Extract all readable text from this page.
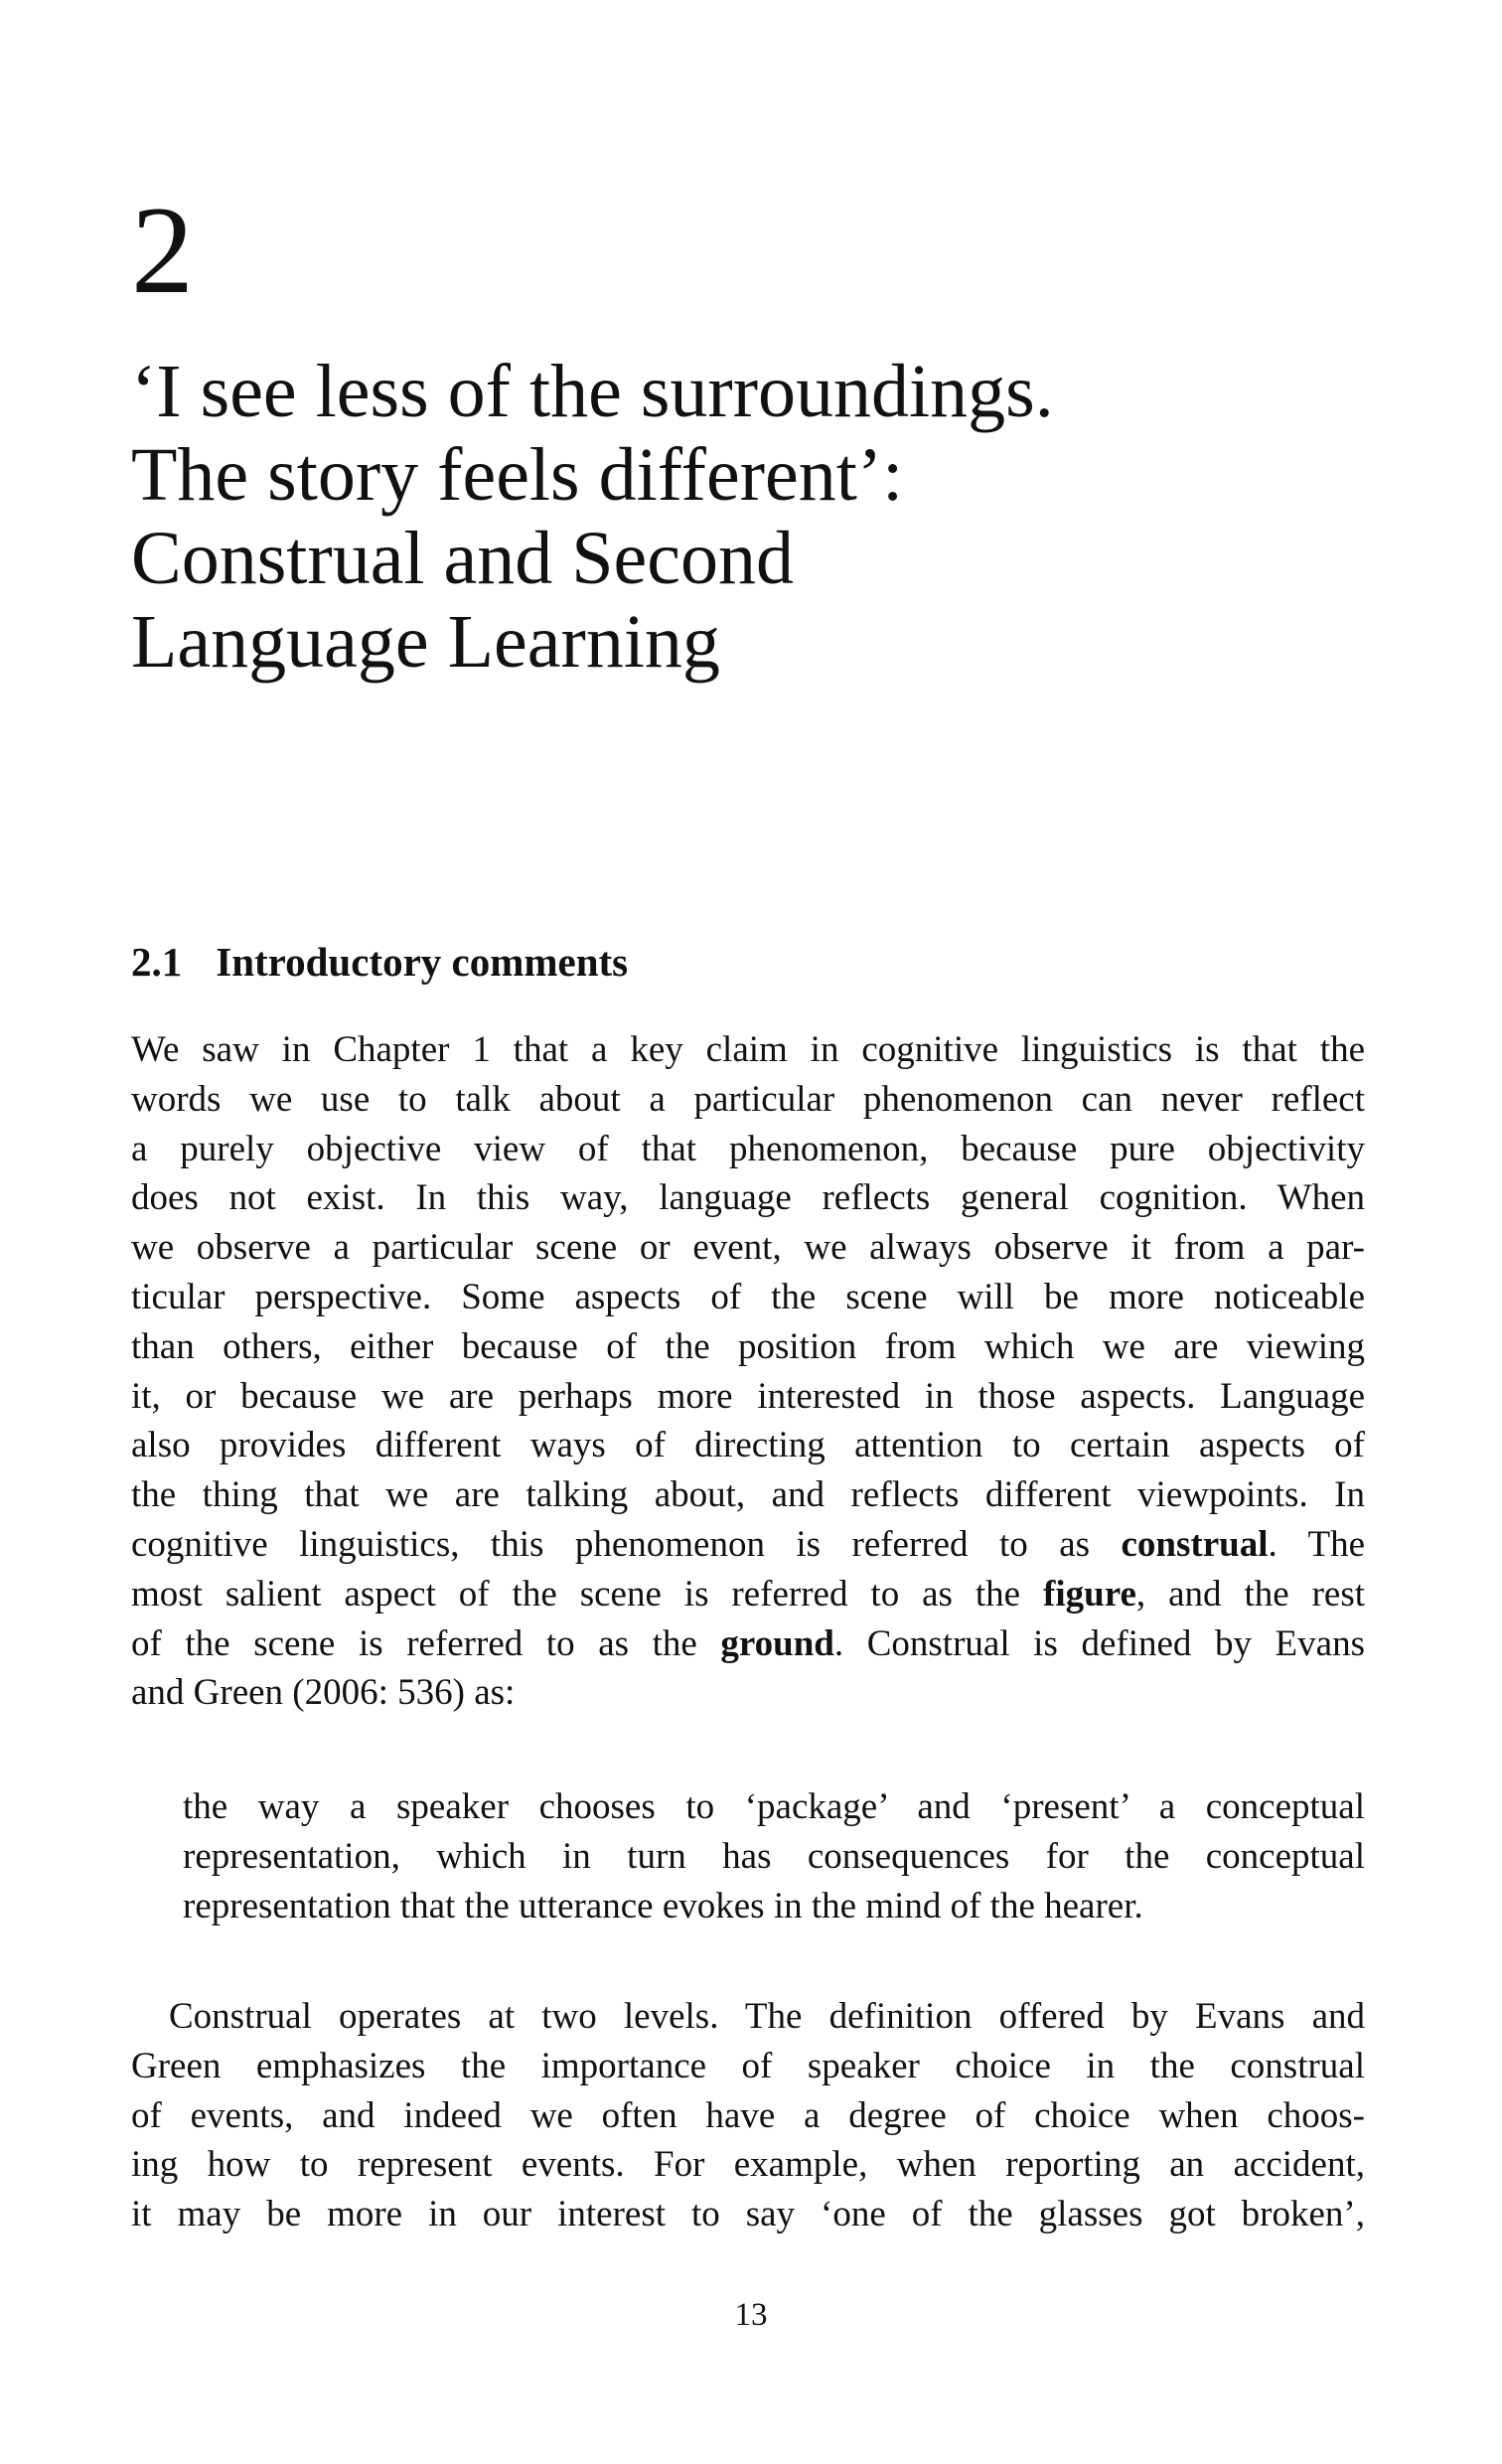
2
‘I see less of the surroundings.
The story feels different’:
Construal and Second
Language Learning
2.1 Introductory comments
We saw in Chapter 1 that a key claim in cognitive linguistics is that the
words we use to talk about a particular phenomenon can never reflect
a purely objective view of that phenomenon, because pure objectivity
does not exist. In this way, language reflects general cognition. When
we observe a particular scene or event, we always observe it from a par-
ticular perspective. Some aspects of the scene will be more noticeable
than others, either because of the position from which we are viewing
it, or because we are perhaps more interested in those aspects. Language
also provides different ways of directing attention to certain aspects of
the thing that we are talking about, and reflects different viewpoints. In
cognitive linguistics, this phenomenon is referred to as construal. The
most salient aspect of the scene is referred to as the figure, and the rest
of the scene is referred to as the ground. Construal is defined by Evans
and Green (2006: 536) as:
the way a speaker chooses to ‘package’ and ‘present’ a conceptual
representation, which in turn has consequences for the conceptual
representation that the utterance evokes in the mind of the hearer.
Construal operates at two levels. The definition offered by Evans and
Green emphasizes the importance of speaker choice in the construal
of events, and indeed we often have a degree of choice when choos-
ing how to represent events. For example, when reporting an accident,
it may be more in our interest to say ‘one of the glasses got broken’,
13
